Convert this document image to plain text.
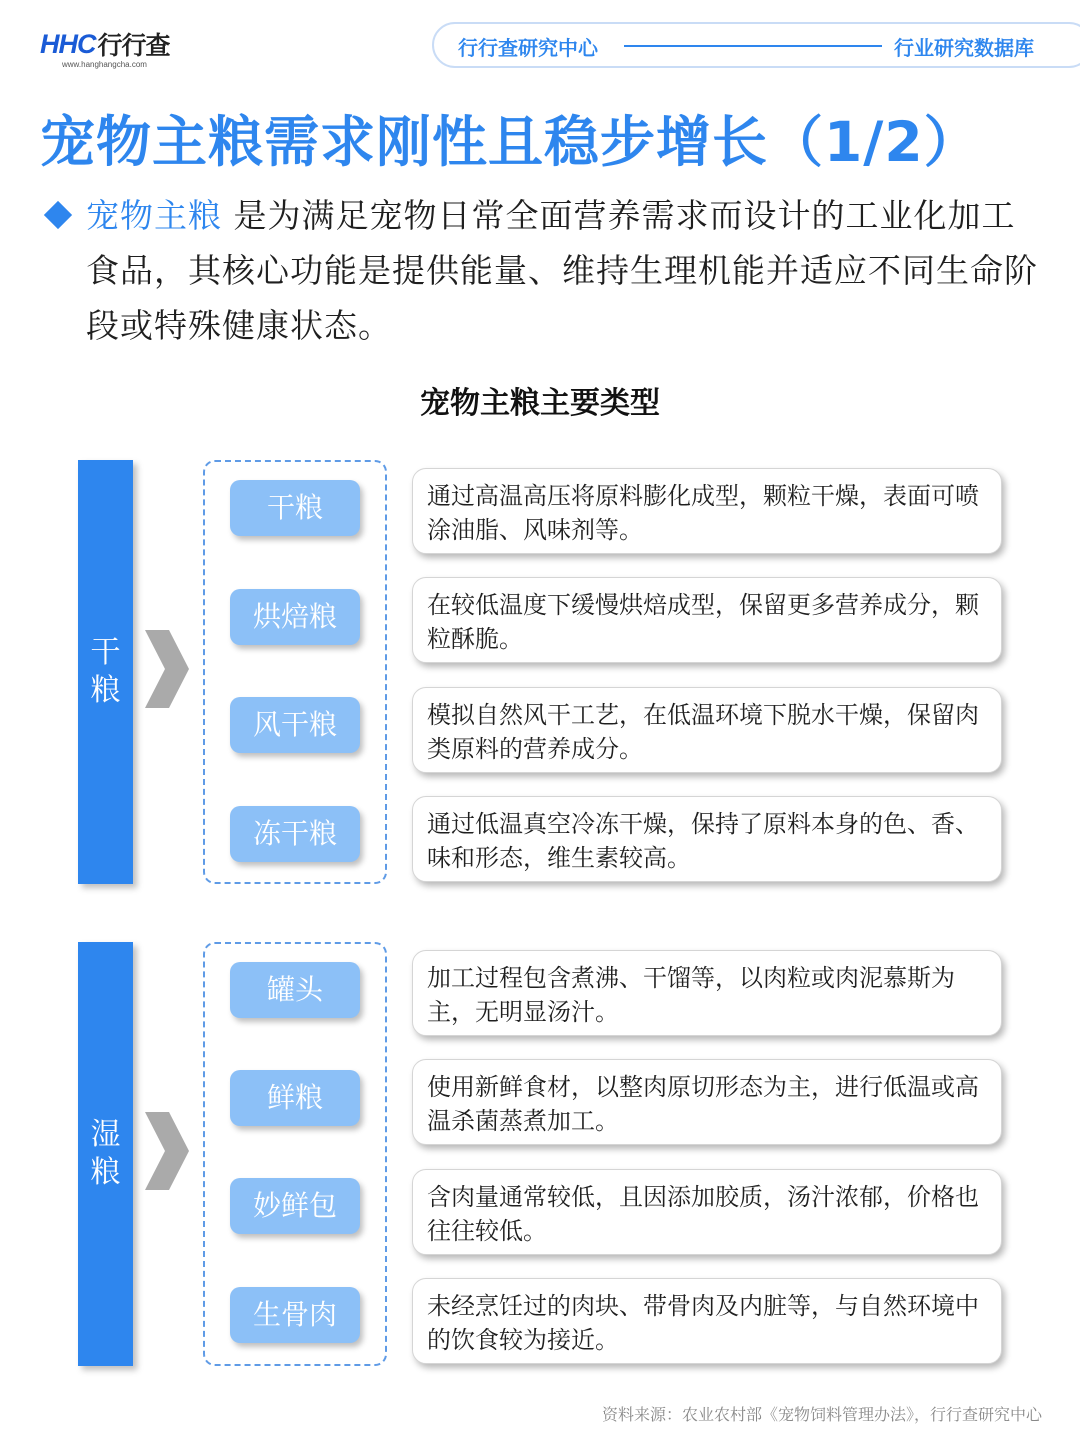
HHC 行行查
www.hanghangcha.com
行行查研究中心	行业研究数据库
宠物主粮需求刚性且稳步增长（1/2）

宠物主粮 是为满足宠物日常全面营养需求而设计的工业化加工食品，其核心功能是提供能量、维持生理机能并适应不同生命阶段或特殊健康状态。

宠物主粮主要类型
干
粮
干粮
烘焙粮
风干粮
冻干粮
通过高温高压将原料膨化成型，颗粒干燥，表面可喷涂油脂、风味剂等。
在较低温度下缓慢烘焙成型，保留更多营养成分，颗粒酥脆。
模拟自然风干工艺，在低温环境下脱水干燥，保留肉类原料的营养成分。
通过低温真空冷冻干燥，保持了原料本身的色、香、味和形态，维生素较高。
湿
粮
罐头
鲜粮
妙鲜包
生骨肉
加工过程包含煮沸、干馏等，以肉粒或肉泥慕斯为主，无明显汤汁。
使用新鲜食材，以整肉原切形态为主，进行低温或高温杀菌蒸煮加工。
含肉量通常较低，且因添加胶质，汤汁浓郁，价格也往往较低。
未经烹饪过的肉块、带骨肉及内脏等，与自然环境中的饮食较为接近。
资料来源：农业农村部《宠物饲料管理办法》，行行查研究中心
